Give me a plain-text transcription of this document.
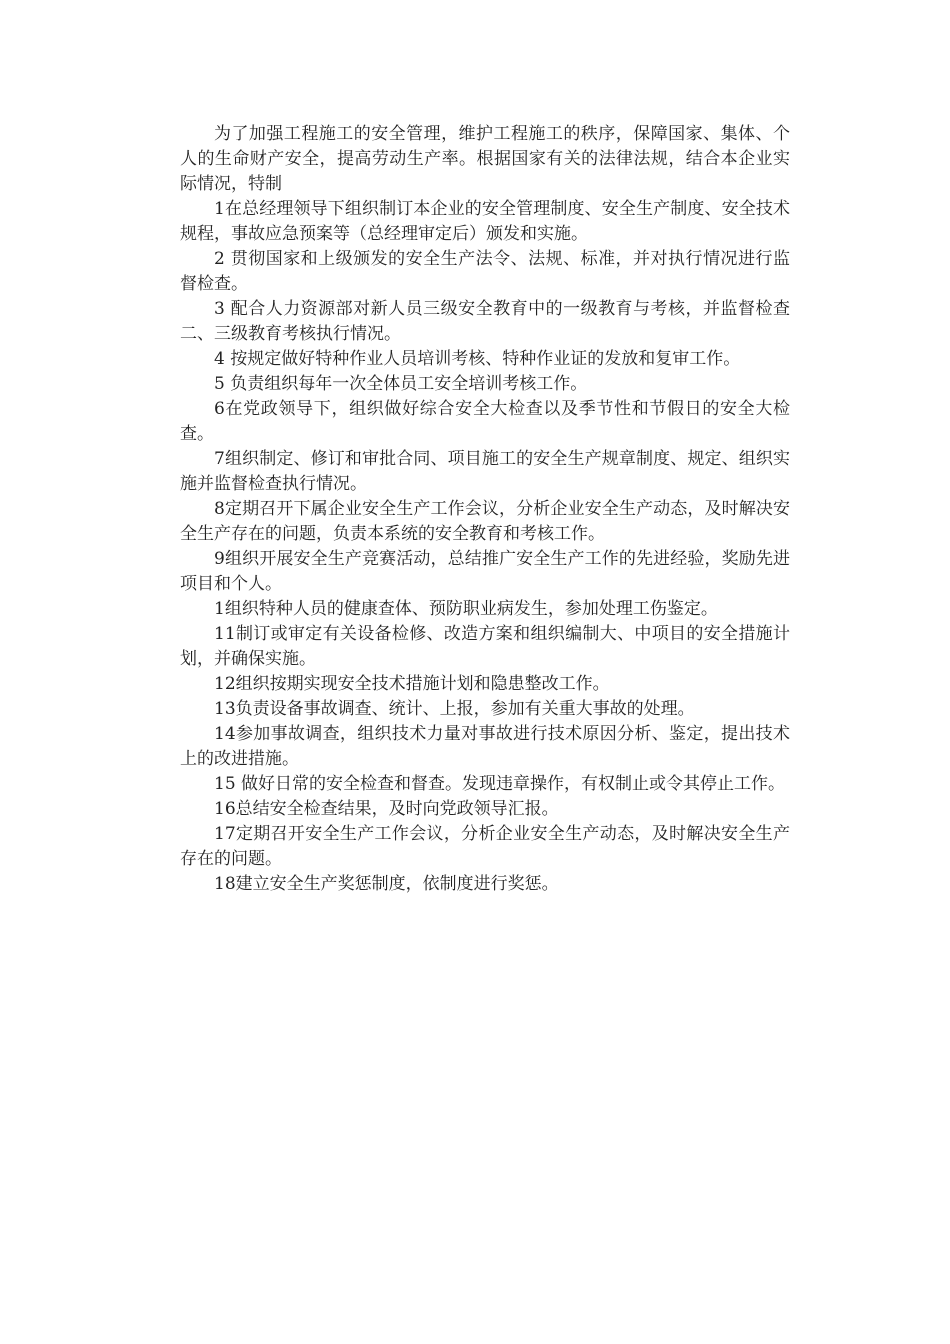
为了加强工程施工的安全管理，维护工程施工的秩序，保障国家、集体、个人的生命财产安全，提高劳动生产率。根据国家有关的法律法规，结合本企业实际情况，特制

1在总经理领导下组织制订本企业的安全管理制度、安全生产制度、安全技术规程，事故应急预案等（总经理审定后）颁发和实施。

2 贯彻国家和上级颁发的安全生产法令、法规、标准，并对执行情况进行监督检查。

3 配合人力资源部对新人员三级安全教育中的一级教育与考核，并监督检查二、三级教育考核执行情况。

4 按规定做好特种作业人员培训考核、特种作业证的发放和复审工作。

5 负责组织每年一次全体员工安全培训考核工作。

6在党政领导下，组织做好综合安全大检查以及季节性和节假日的安全大检查。

7组织制定、修订和审批合同、项目施工的安全生产规章制度、规定、组织实施并监督检查执行情况。

8定期召开下属企业安全生产工作会议，分析企业安全生产动态，及时解决安全生产存在的问题，负责本系统的安全教育和考核工作。

9组织开展安全生产竞赛活动，总结推广安全生产工作的先进经验，奖励先进项目和个人。

1组织特种人员的健康查体、预防职业病发生，参加处理工伤鉴定。

11制订或审定有关设备检修、改造方案和组织编制大、中项目的安全措施计划，并确保实施。

12组织按期实现安全技术措施计划和隐患整改工作。

13负责设备事故调查、统计、上报，参加有关重大事故的处理。

14参加事故调查，组织技术力量对事故进行技术原因分析、鉴定，提出技术上的改进措施。

15 做好日常的安全检查和督查。发现违章操作，有权制止或令其停止工作。

16总结安全检查结果，及时向党政领导汇报。

17定期召开安全生产工作会议，分析企业安全生产动态，及时解决安全生产存在的问题。

18建立安全生产奖惩制度，依制度进行奖惩。
